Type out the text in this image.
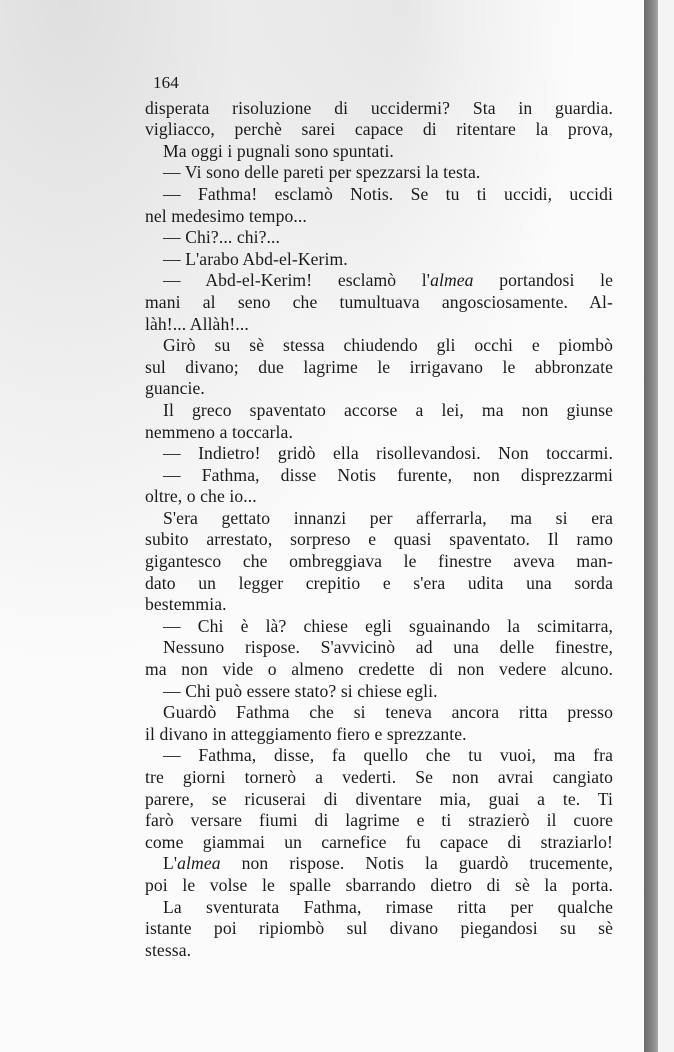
164
disperata risoluzione di uccidermi? Sta in guardia.
vigliacco, perchè sarei capace di ritentare la prova,
Ma oggi i pugnali sono spuntati.
— Vi sono delle pareti per spezzarsi la testa.
— Fathma! esclamò Notis. Se tu ti uccidi, uccidi
nel medesimo tempo...
— Chi?... chi?...
— L'arabo Abd-el-Kerim.
— Abd-el-Kerim! esclamò l'almea portandosi le
mani al seno che tumultuava angosciosamente. Al-
làh!... Allàh!...
Girò su sè stessa chiudendo gli occhi e piombò
sul divano; due lagrime le irrigavano le abbronzate
guancie.
Il greco spaventato accorse a lei, ma non giunse
nemmeno a toccarla.
— Indietro! gridò ella risollevandosi. Non toccarmi.
— Fathma, disse Notis furente, non disprezzarmi
oltre, o che io...
S'era gettato innanzi per afferrarla, ma si era
subito arrestato, sorpreso e quasi spaventato. Il ramo
gigantesco che ombreggiava le finestre aveva man-
dato un legger crepitio e s'era udita una sorda
bestemmia.
— Chi è là? chiese egli sguainando la scimitarra,
Nessuno rispose. S'avvicinò ad una delle finestre,
ma non vide o almeno credette di non vedere alcuno.
— Chi può essere stato? si chiese egli.
Guardò Fathma che si teneva ancora ritta presso
il divano in atteggiamento fiero e sprezzante.
— Fathma, disse, fa quello che tu vuoi, ma fra
tre giorni tornerò a vederti. Se non avrai cangiato
parere, se ricuserai di diventare mia, guai a te. Ti
farò versare fiumi di lagrime e ti strazierò il cuore
come giammai un carnefice fu capace di straziarlo!
L'almea non rispose. Notis la guardò trucemente,
poi le volse le spalle sbarrando dietro di sè la porta.
La sventurata Fathma, rimase ritta per qualche
istante poi ripiombò sul divano piegandosi su sè
stessa.
